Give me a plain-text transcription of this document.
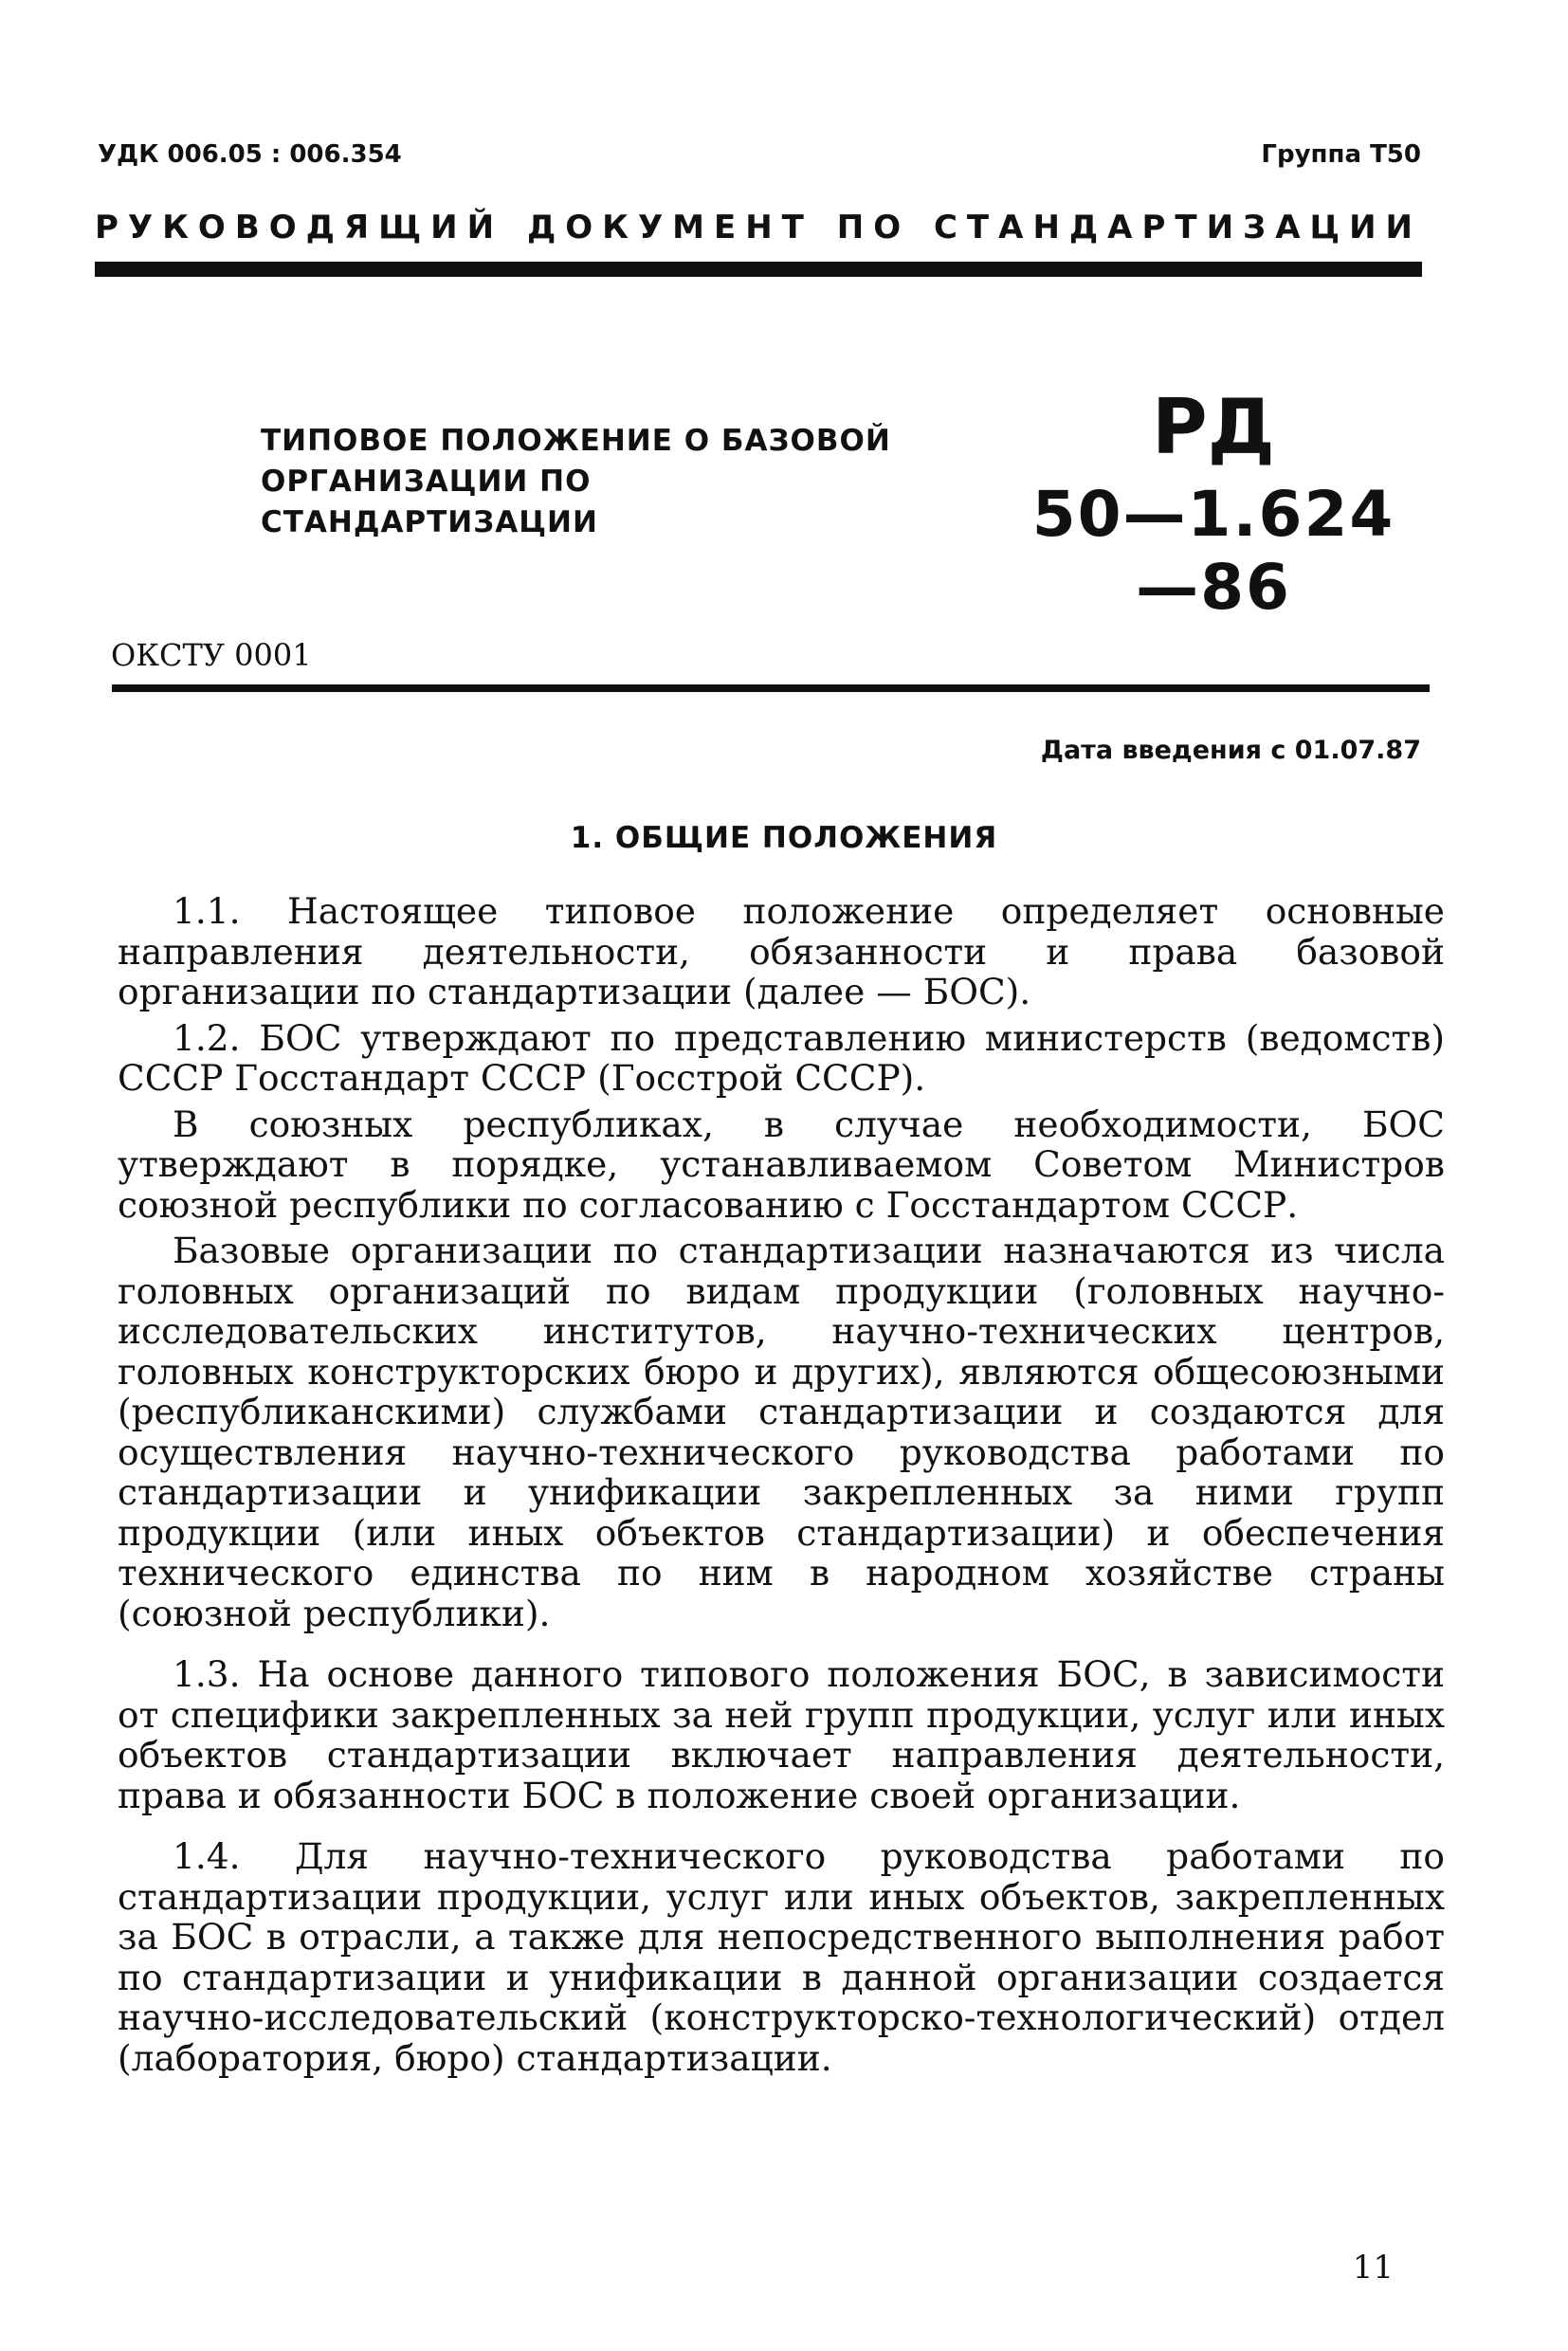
УДК 006.05 : 006.354	Группа Т50
РУКОВОДЯЩИЙ ДОКУМЕНТ ПО СТАНДАРТИЗАЦИИ
ТИПОВОЕ ПОЛОЖЕНИЕ О БАЗОВОЙ
ОРГАНИЗАЦИИ ПО СТАНДАРТИЗАЦИИ
РД
50—1.624—86
ОКСТУ 0001
Дата введения с 01.07.87
1. ОБЩИЕ ПОЛОЖЕНИЯ

1.1. Настоящее типовое положение определяет основные направления деятельности, обязанности и права базовой организации по стандартизации (далее — БОС).

1.2. БОС утверждают по представлению министерств (ведомств) СССР Госстандарт СССР (Госстрой СССР).

В союзных республиках, в случае необходимости, БОС утверждают в порядке, устанавливаемом Советом Министров союзной республики по согласованию с Госстандартом СССР.

Базовые организации по стандартизации назначаются из числа головных организаций по видам продукции (головных научно-исследовательских институтов, научно-технических центров, головных конструкторских бюро и других), являются общесоюзными (республиканскими) службами стандартизации и создаются для осуществления научно-технического руководства работами по стандартизации и унификации закрепленных за ними групп продукции (или иных объектов стандартизации) и обеспечения технического единства по ним в народном хозяйстве страны (союзной республики).

1.3. На основе данного типового положения БОС, в зависимости от специфики закрепленных за ней групп продукции, услуг или иных объектов стандартизации включает направления деятельности, права и обязанности БОС в положение своей организации.

1.4. Для научно-технического руководства работами по стандартизации продукции, услуг или иных объектов, закрепленных за БОС в отрасли, а также для непосредственного выполнения работ по стандартизации и унификации в данной организации создается научно-исследовательский (конструкторско-технологический) отдел (лаборатория, бюро) стандартизации.

11
